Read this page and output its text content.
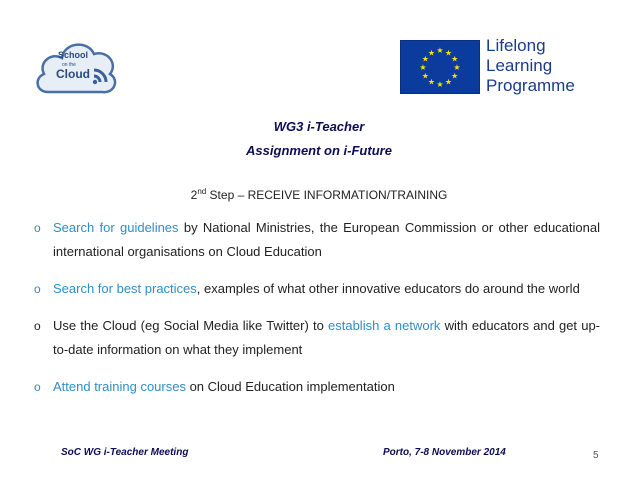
School
on the
Cloud
★ ★
★
★
★
★
★
★
★
★
★
★	Lifelong
Learning
Programme
WG3 i-Teacher
Assignment on i-Future
2nd Step – RECEIVE INFORMATION/TRAINING
o Search for guidelines by National Ministries, the European Commission or other educational international organisations on Cloud Education
o Search for best practices, examples of what other innovative educators do around the world
o Use the Cloud (eg Social Media like Twitter) to establish a network with educators and get up-to-date information on what they implement
o Attend training courses on Cloud Education implementation
SoC WG i-Teacher Meeting	Porto, 7-8 November 2014	5
